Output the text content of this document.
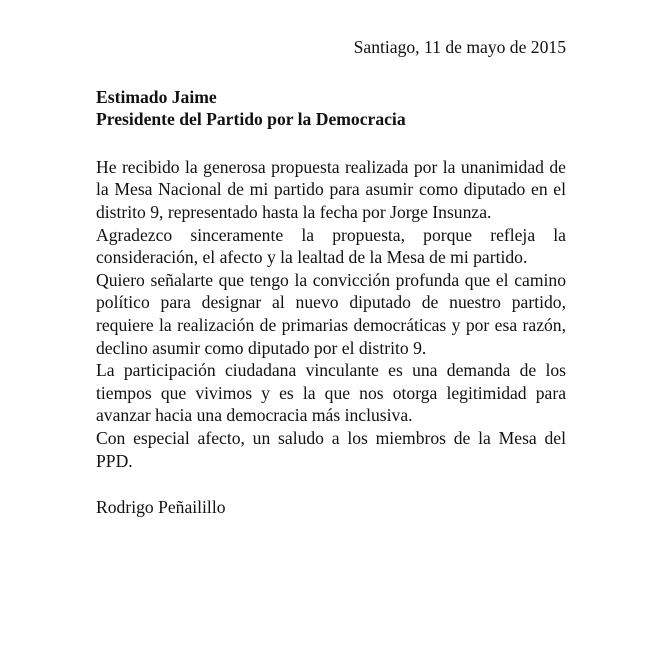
Santiago, 11 de mayo de 2015

Estimado Jaime
Presidente del Partido por la Democracia

He recibido la generosa propuesta realizada por la unanimidad de la Mesa Nacional de mi partido para asumir como diputado en el distrito 9, representado hasta la fecha por Jorge Insunza.

Agradezco sinceramente la propuesta, porque refleja la consideración, el afecto y la lealtad de la Mesa de mi partido.

Quiero señalarte que tengo la convicción profunda que el camino político para designar al nuevo diputado de nuestro partido, requiere la realización de primarias democráticas y por esa razón, declino asumir como diputado por el distrito 9.

La participación ciudadana vinculante es una demanda de los tiempos que vivimos y es la que nos otorga legitimidad para avanzar hacia una democracia más inclusiva.

Con especial afecto, un saludo a los miembros de la Mesa del PPD.

Rodrigo Peñailillo
